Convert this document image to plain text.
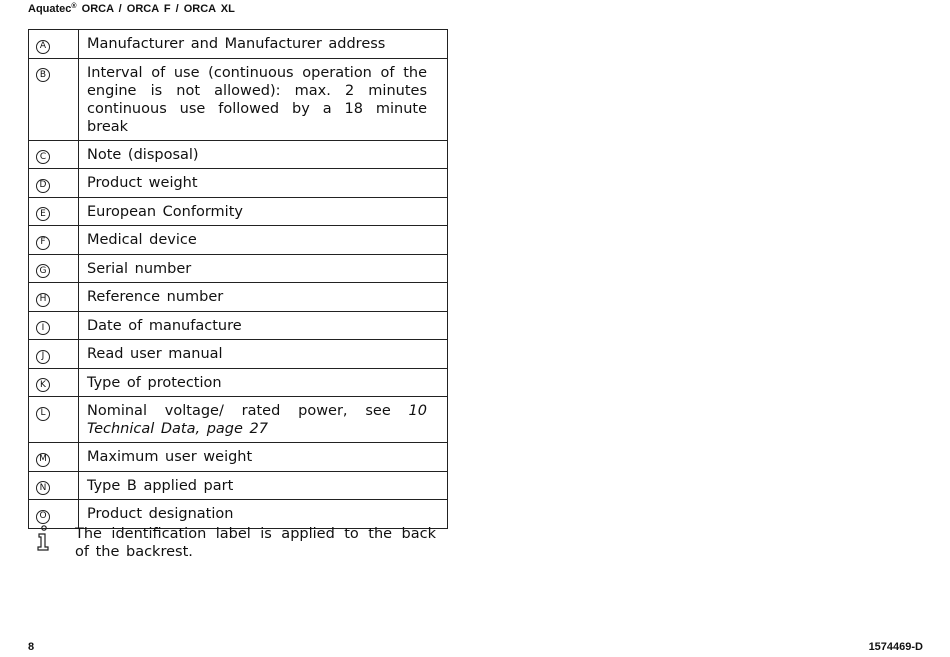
Aquatec® ORCA / ORCA F / ORCA XL
A	Manufacturer and Manufacturer address
B	Interval of use (continuous operation of the engine is not allowed): max. 2 minutes continuous use followed by a 18 minute break
C	Note (disposal)
D	Product weight
E	European Conformity
F	Medical device
G	Serial number
H	Reference number
I	Date of manufacture
J	Read user manual
K	Type of protection
L	Nominal voltage/ rated power, see 10 Technical Data, page 27
M	Maximum user weight
N	Type B applied part
O	Product designation
The identification label is applied to the back of the backrest.
8	1574469-D
